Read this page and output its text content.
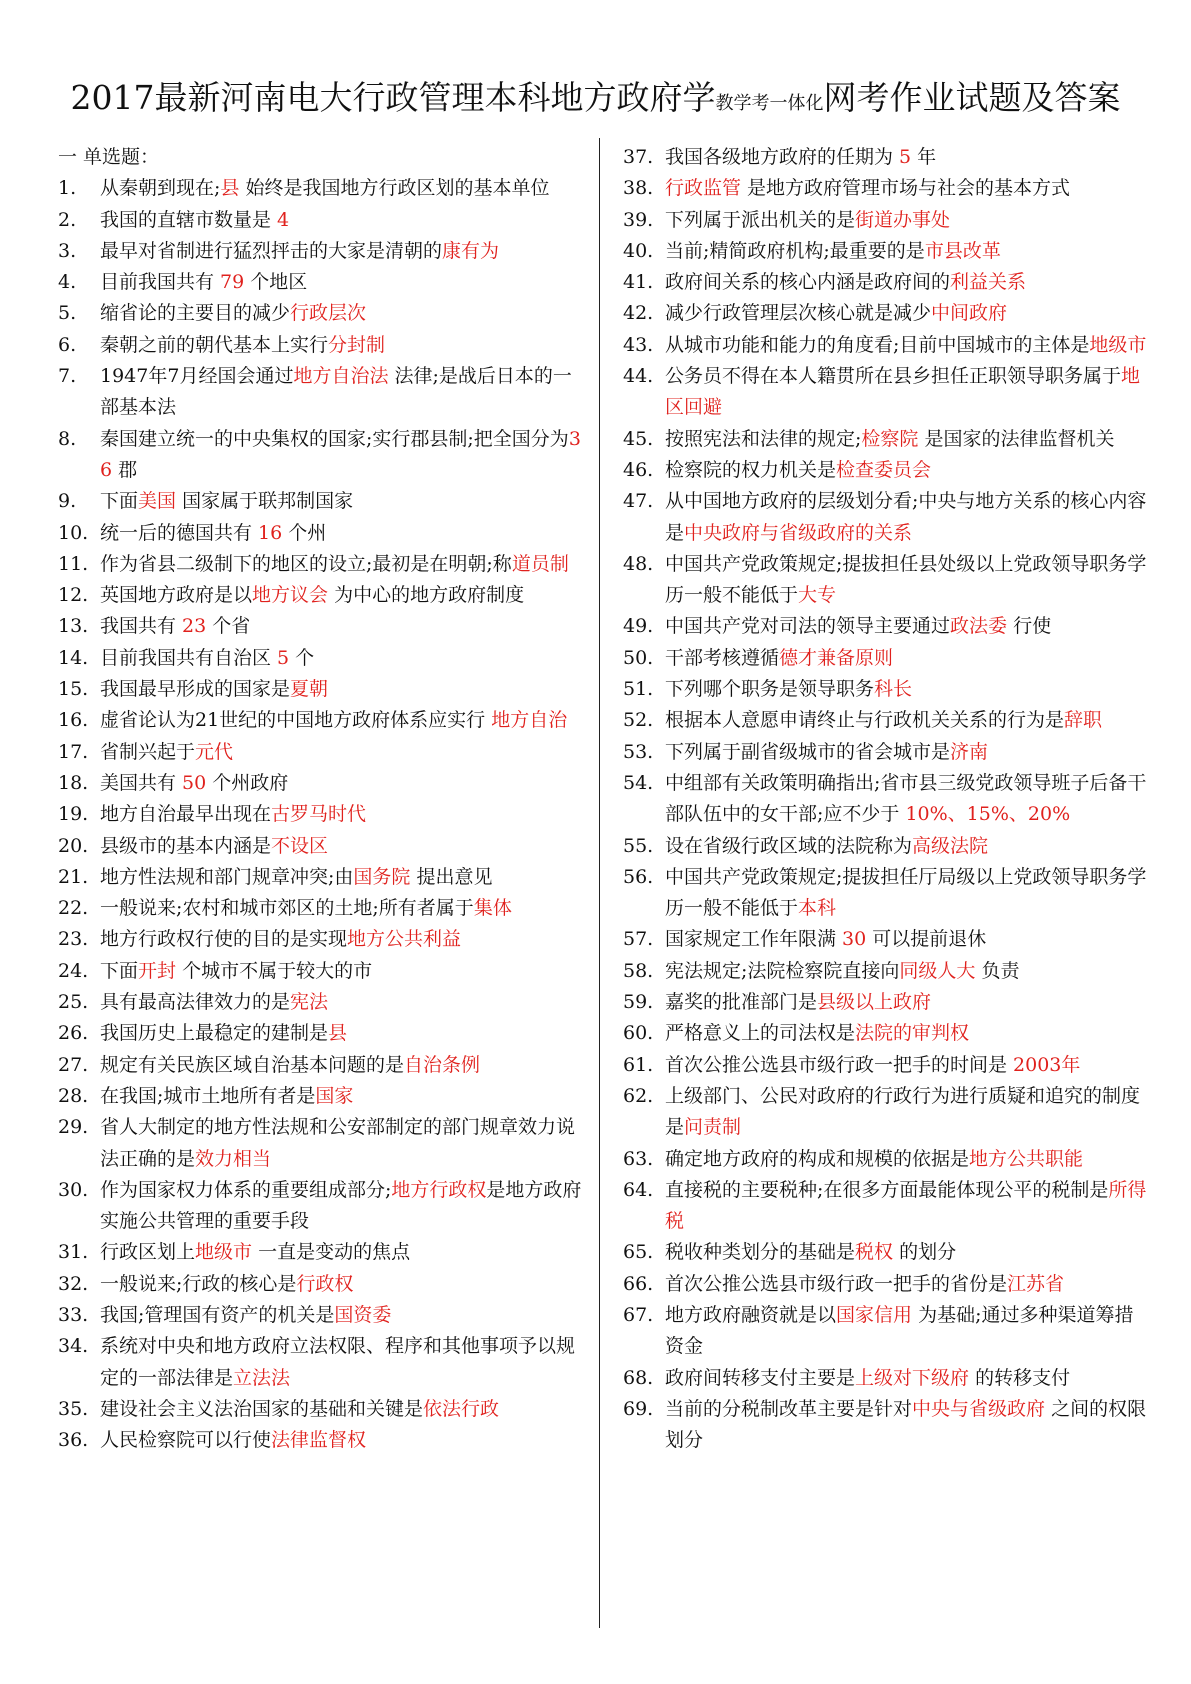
2017最新河南电大行政管理本科地方政府学教学考一体化网考作业试题及答案
一 单选题：
1.	从秦朝到现在;县 始终是我国地方行政区划的基本单位
2.	我国的直辖市数量是 4
3.	最早对省制进行猛烈抨击的大家是清朝的康有为
4.	目前我国共有 79 个地区
5.	缩省论的主要目的减少行政层次
6.	秦朝之前的朝代基本上实行分封制
7.	1947年7月经国会通过地方自治法 法律;是战后日本的一部基本法
8.	秦国建立统一的中央集权的国家;实行郡县制;把全国分为36 郡
9.	下面美国 国家属于联邦制国家
10. 统一后的德国共有 16 个州
11. 作为省县二级制下的地区的设立;最初是在明朝;称道员制
12. 英国地方政府是以地方议会 为中心的地方政府制度
13. 我国共有 23 个省
14. 目前我国共有自治区 5 个
15. 我国最早形成的国家是夏朝
16. 虚省论认为21世纪的中国地方政府体系应实行 地方自治
17. 省制兴起于元代
18. 美国共有 50 个州政府
19. 地方自治最早出现在古罗马时代
20. 县级市的基本内涵是不设区
21. 地方性法规和部门规章冲突;由国务院 提出意见
22. 一般说来;农村和城市郊区的土地;所有者属于集体
23. 地方行政权行使的目的是实现地方公共利益
24. 下面开封 个城市不属于较大的市
25. 具有最高法律效力的是宪法
26. 我国历史上最稳定的建制是县
27. 规定有关民族区域自治基本问题的是自治条例
28. 在我国;城市土地所有者是国家
29. 省人大制定的地方性法规和公安部制定的部门规章效力说法正确的是效力相当
30. 作为国家权力体系的重要组成部分;地方行政权是地方政府实施公共管理的重要手段
31. 行政区划上地级市 一直是变动的焦点
32. 一般说来;行政的核心是行政权
33. 我国;管理国有资产的机关是国资委
34. 系统对中央和地方政府立法权限、程序和其他事项予以规定的一部法律是立法法
35. 建设社会主义法治国家的基础和关键是依法行政
36. 人民检察院可以行使法律监督权
37. 我国各级地方政府的任期为 5 年
38. 行政监管 是地方政府管理市场与社会的基本方式
39. 下列属于派出机关的是街道办事处
40. 当前;精简政府机构;最重要的是市县改革
41. 政府间关系的核心内涵是政府间的利益关系
42. 减少行政管理层次核心就是减少中间政府
43. 从城市功能和能力的角度看;目前中国城市的主体是地级市
44. 公务员不得在本人籍贯所在县乡担任正职领导职务属于地区回避
45. 按照宪法和法律的规定;检察院 是国家的法律监督机关
46. 检察院的权力机关是检查委员会
47. 从中国地方政府的层级划分看;中央与地方关系的核心内容是中央政府与省级政府的关系
48. 中国共产党政策规定;提拔担任县处级以上党政领导职务学历一般不能低于大专
49. 中国共产党对司法的领导主要通过政法委 行使
50. 干部考核遵循德才兼备原则
51. 下列哪个职务是领导职务科长
52. 根据本人意愿申请终止与行政机关关系的行为是辞职
53. 下列属于副省级城市的省会城市是济南
54. 中组部有关政策明确指出;省市县三级党政领导班子后备干部队伍中的女干部;应不少于 10%、15%、20%
55. 设在省级行政区域的法院称为高级法院
56. 中国共产党政策规定;提拔担任厅局级以上党政领导职务学历一般不能低于本科
57. 国家规定工作年限满 30 可以提前退休
58. 宪法规定;法院检察院直接向同级人大 负责
59. 嘉奖的批准部门是县级以上政府
60. 严格意义上的司法权是法院的审判权
61. 首次公推公选县市级行政一把手的时间是 2003年
62. 上级部门、公民对政府的行政行为进行质疑和追究的制度是问责制
63. 确定地方政府的构成和规模的依据是地方公共职能
64. 直接税的主要税种;在很多方面最能体现公平的税制是所得税
65. 税收种类划分的基础是税权 的划分
66. 首次公推公选县市级行政一把手的省份是江苏省
67. 地方政府融资就是以国家信用 为基础;通过多种渠道筹措资金
68. 政府间转移支付主要是上级对下级府 的转移支付
69. 当前的分税制改革主要是针对中央与省级政府 之间的权限划分
